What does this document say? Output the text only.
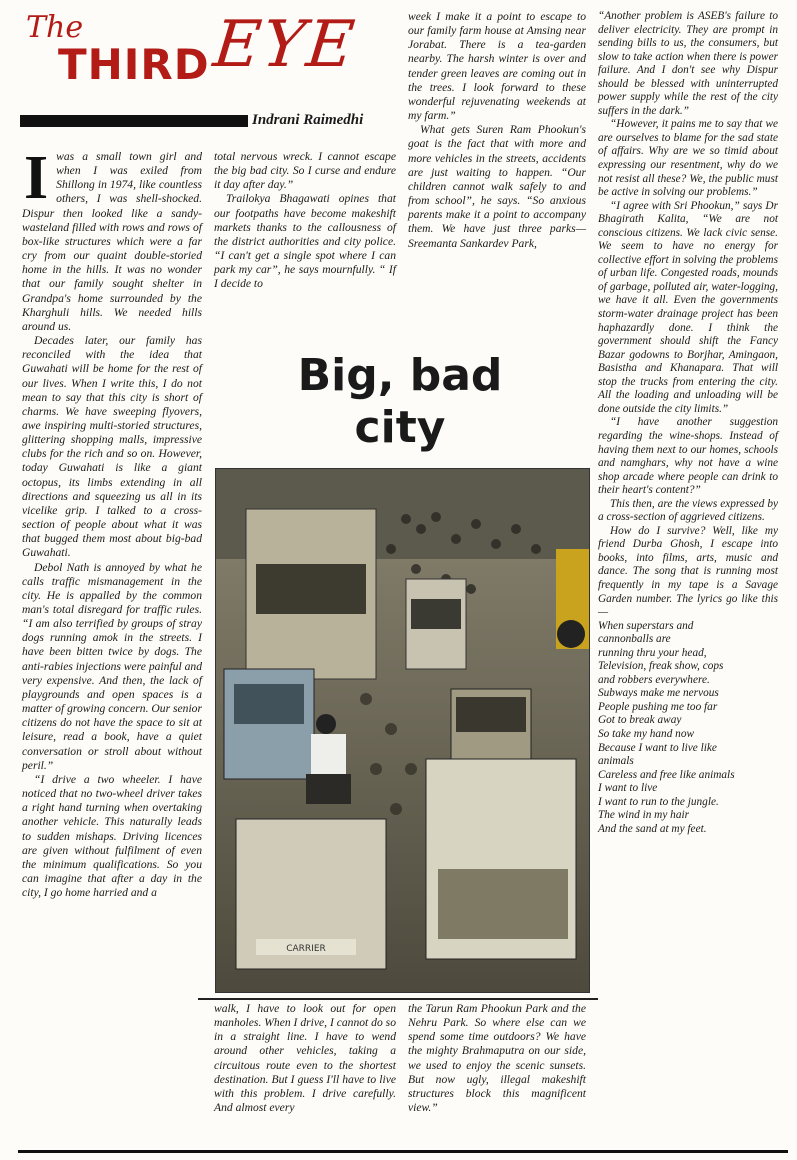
The
THIRD EYE
Indrani Raimedhi
I was a small town girl and when I was exiled from Shillong in 1974, like countless others, I was shell-shocked. Dispur then looked like a sandy-wasteland filled with rows and rows of box-like structures which were a far cry from our quaint double-storied home in the hills. It was no wonder that our family sought shelter in Grandpa's home surrounded by the Kharghuli hills. We needed hills around us.

Decades later, our family has reconciled with the idea that Guwahati will be home for the rest of our lives. When I write this, I do not mean to say that this city is short of charms. We have sweeping flyovers, awe inspiring multi-storied structures, glittering shopping malls, impressive clubs for the rich and so on. However, today Guwahati is like a giant octopus, its limbs extending in all directions and squeezing us all in its vicelike grip. I talked to a cross-section of people about what it was that bugged them most about big-bad Guwahati.

Debol Nath is annoyed by what he calls traffic mismanagement in the city. He is appalled by the common man's total disregard for traffic rules. “I am also terrified by groups of stray dogs running amok in the streets. I have been bitten twice by dogs. The anti-rabies injections were painful and very expensive. And then, the lack of playgrounds and open spaces is a matter of growing concern. Our senior citizens do not have the space to sit at leisure, read a book, have a quiet conversation or stroll about without peril.”

“I drive a two wheeler. I have noticed that no two-wheel driver takes a right hand turning when overtaking another vehicle. This naturally leads to sudden mishaps. Driving licences are given without fulfilment of even the minimum qualifications. So you can imagine that after a day in the city, I go home harried and a

total nervous wreck. I cannot escape the big bad city. So I curse and endure it day after day.”

Trailokya Bhagawati opines that our footpaths have become makeshift markets thanks to the callousness of the district authorities and city police. “I can't get a single spot where I can park my car”, he says mournfully. “ If I decide to

week I make it a point to escape to our family farm house at Amsing near Jorabat. There is a tea-garden nearby. The harsh winter is over and tender green leaves are coming out in the trees. I look forward to these wonderful rejuvenating weekends at my farm.”

What gets Suren Ram Phookun's goat is the fact that with more and more vehicles in the streets, accidents are just waiting to happen. “Our children cannot walk safely to and from school”, he says. “So anxious parents make it a point to accompany them. We have just three parks— Sreemanta Sankardev Park,

Big, bad
city
CARRIER

walk, I have to look out for open manholes. When I drive, I cannot do so in a straight line. I have to wend around other vehicles, taking a circuitous route even to the shortest destination. But I guess I'll have to live with this problem. I drive carefully. And almost every

the Tarun Ram Phookun Park and the Nehru Park. So where else can we spend some time outdoors? We have the mighty Brahmaputra on our side, we used to enjoy the scenic sunsets. But now ugly, illegal makeshift structures block this magnificent view.”

“Another problem is ASEB's failure to deliver electricity. They are prompt in sending bills to us, the consumers, but slow to take action when there is power failure. And I don't see why Dispur should be blessed with uninterrupted power supply while the rest of the city suffers in the dark.”

“However, it pains me to say that we are ourselves to blame for the sad state of affairs. Why are we so timid about expressing our resentment, why do we not resist all these? We, the public must be active in solving our problems.”

“I agree with Sri Phookun,” says Dr Bhagirath Kalita, “We are not conscious citizens. We lack civic sense. We seem to have no energy for collective effort in solving the problems of urban life. Congested roads, mounds of garbage, polluted air, water-logging, we have it all. Even the governments storm-water drainage project has been haphazardly done. I think the government should shift the Fancy Bazar godowns to Borjhar, Amingaon, Basistha and Khanapara. That will stop the trucks from entering the city. All the loading and unloading will be done outside the city limits.”

“I have another suggestion regarding the wine-shops. Instead of having them next to our homes, schools and namghars, why not have a wine shop arcade where people can drink to their heart's content?”

This then, are the views expressed by a cross-section of aggrieved citizens.

How do I survive? Well, like my friend Durba Ghosh, I escape into books, into films, arts, music and dance. The song that is running most frequently in my tape is a Savage Garden number. The lyrics go like this—

When superstars and
cannonballs are
running thru your head,
Television, freak show, cops
and robbers everywhere.
Subways make me nervous
People pushing me too far
Got to break away
So take my hand now
Because I want to live like
animals
Careless and free like animals
I want to live
I want to run to the jungle.
The wind in my hair
And the sand at my feet.
